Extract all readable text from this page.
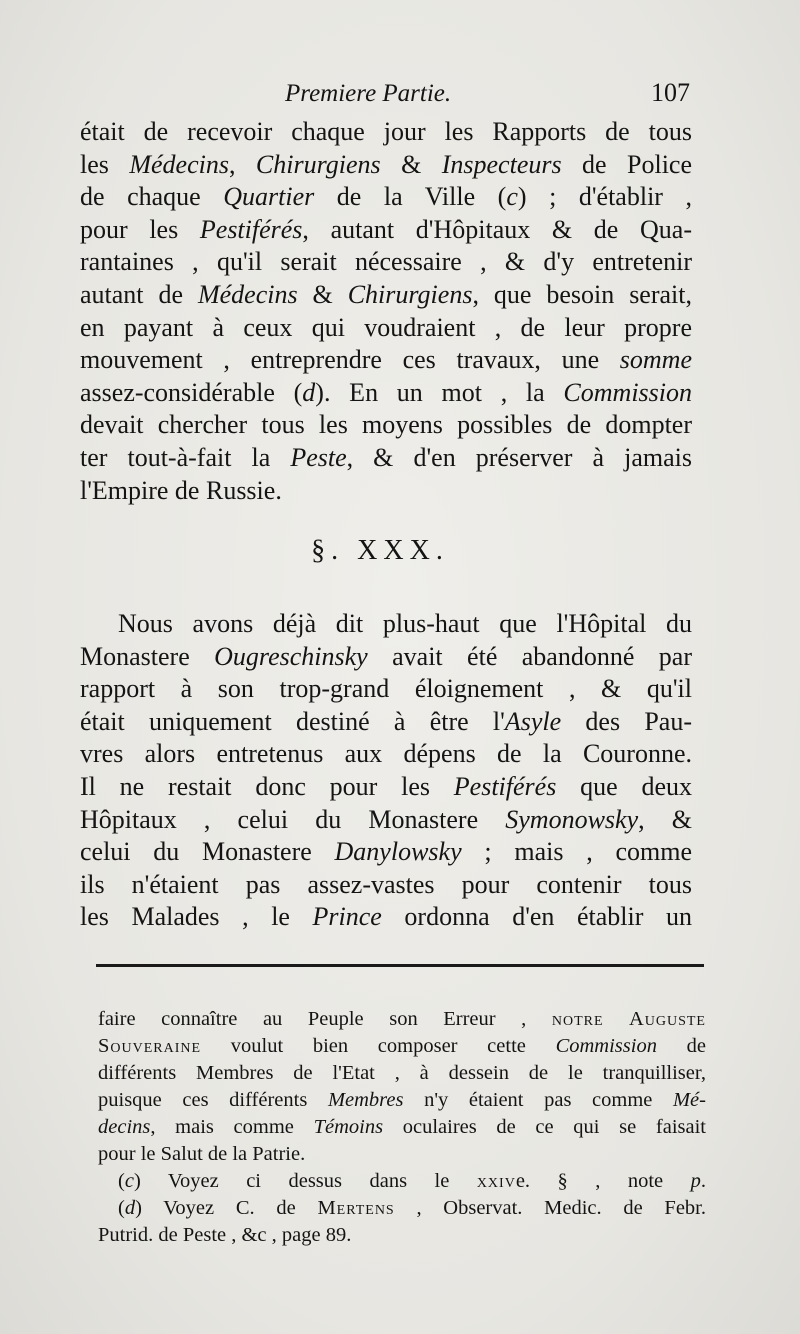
Premiere Partie.	107
était de recevoir chaque jour les Rapports de tous
les Médecins, Chirurgiens & Inspecteurs de Police
de chaque Quartier de la Ville (c) ; d'établir ,
pour les Pestiférés, autant d'Hôpitaux & de Qua-
rantaines , qu'il serait nécessaire , & d'y entretenir
autant de Médecins & Chirurgiens, que besoin serait,
en payant à ceux qui voudraient , de leur propre
mouvement , entreprendre ces travaux, une somme
assez-considérable (d). En un mot , la Commission
devait chercher tous les moyens possibles de dompter
ter tout-à-fait la Peste, & d'en préserver à jamais
l'Empire de Russie.
§. XXX.
Nous avons déjà dit plus-haut que l'Hôpital du
Monastere Ougreschinsky avait été abandonné par
rapport à son trop-grand éloignement , & qu'il
était uniquement destiné à être l'Asyle des Pau-
vres alors entretenus aux dépens de la Couronne.
Il ne restait donc pour les Pestiférés que deux
Hôpitaux , celui du Monastere Symonowsky, &
celui du Monastere Danylowsky ; mais , comme
ils n'étaient pas assez-vastes pour contenir tous
les Malades , le Prince ordonna d'en établir un
faire connaître au Peuple son Erreur , notre Auguste
Souveraine voulut bien composer cette Commission de
différents Membres de l'Etat , à dessein de le tranquilliser,
puisque ces différents Membres n'y étaient pas comme Mé-
decins, mais comme Témoins oculaires de ce qui se faisait
pour le Salut de la Patrie.
(c) Voyez ci dessus dans le xxive. § , note p.
(d) Voyez C. de Mertens , Observat. Medic. de Febr.
Putrid. de Peste , &c , page 89.
